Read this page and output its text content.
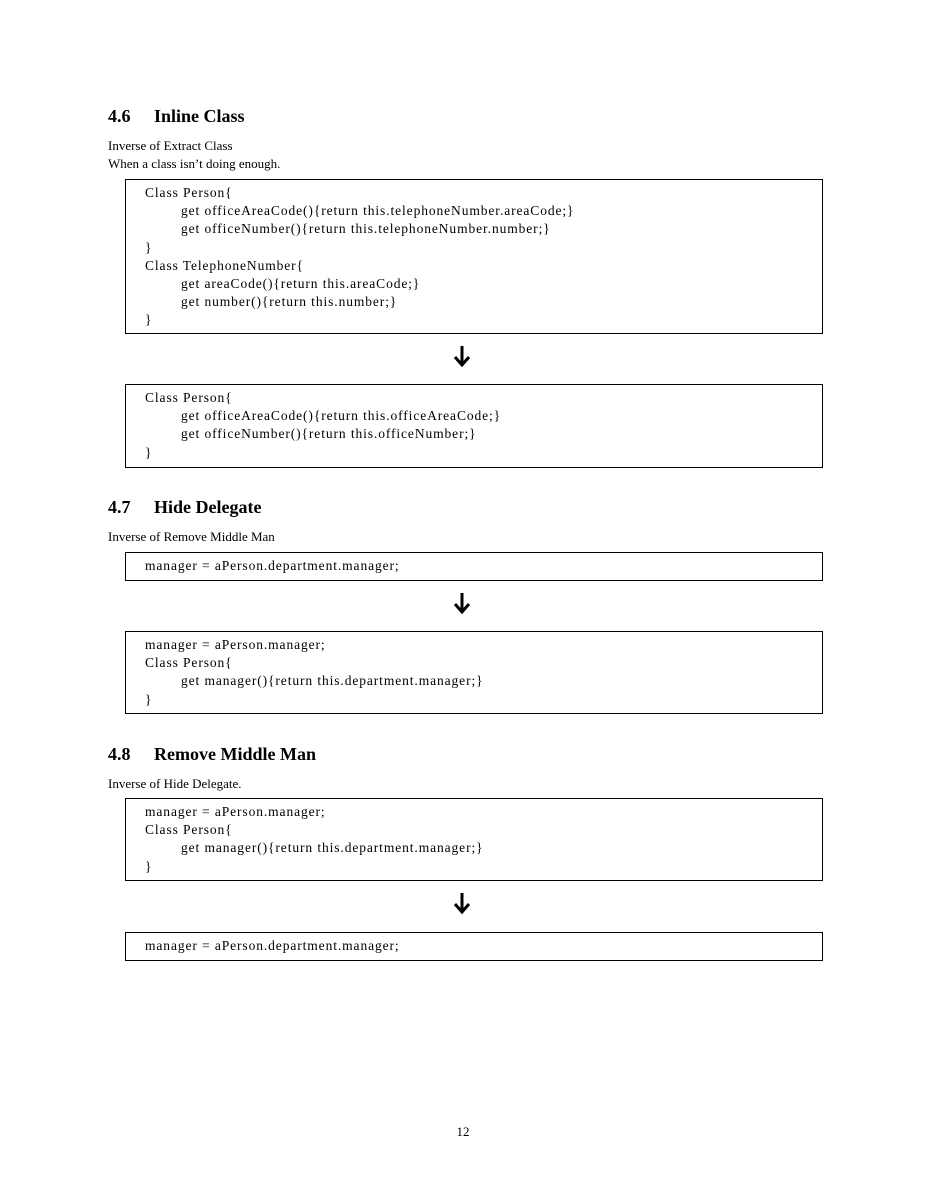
4.6 Inline Class

Inverse of Extract Class

When a class isn’t doing enough.

Class Person{
get officeAreaCode(){return this.telephoneNumber.areaCode;}
get officeNumber(){return this.telephoneNumber.number;}
}
Class TelephoneNumber{
get areaCode(){return this.areaCode;}
get number(){return this.number;}
}
Class Person{
get officeAreaCode(){return this.officeAreaCode;}
get officeNumber(){return this.officeNumber;}
}
4.7 Hide Delegate

Inverse of Remove Middle Man

manager = aPerson.department.manager;
manager = aPerson.manager;
Class Person{
get manager(){return this.department.manager;}
}
4.8 Remove Middle Man

Inverse of Hide Delegate.

manager = aPerson.manager;
Class Person{
get manager(){return this.department.manager;}
}
manager = aPerson.department.manager;
12
